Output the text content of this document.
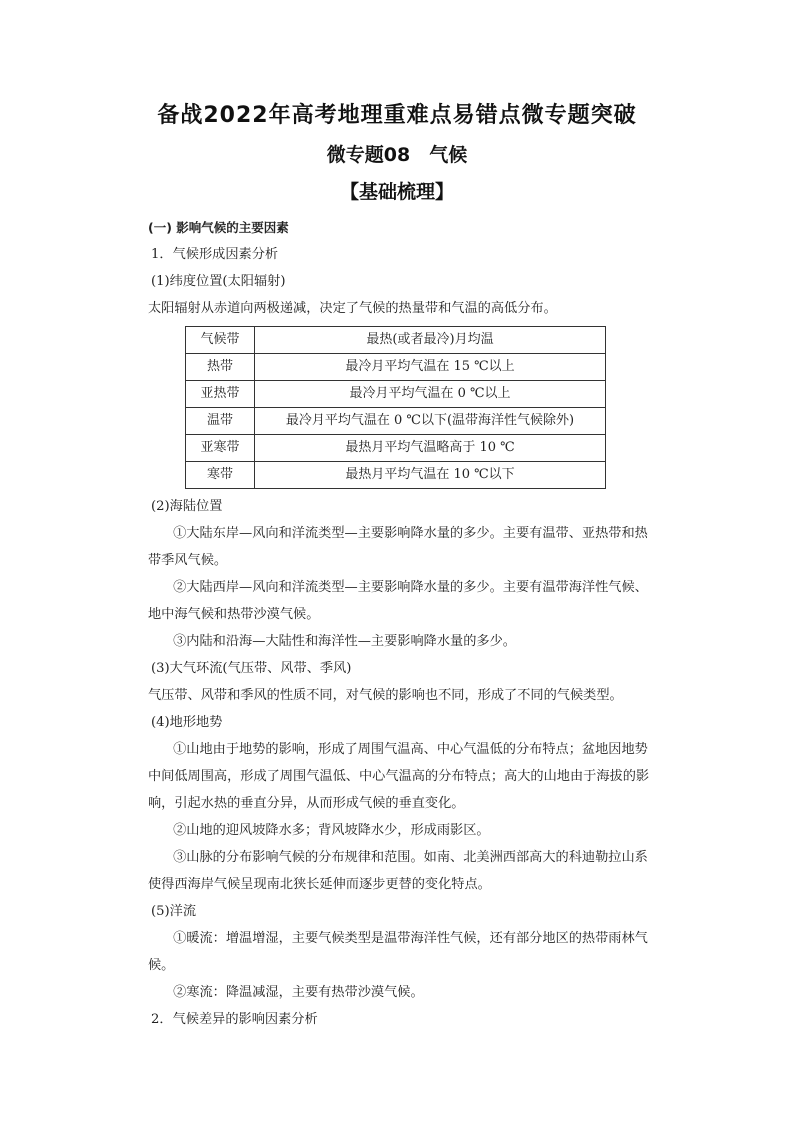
备战2022年高考地理重难点易错点微专题突破
微专题08　气候
【基础梳理】

(一) 影响气候的主要因素

1．气候形成因素分析

(1)纬度位置(太阳辐射)

太阳辐射从赤道向两极递减，决定了气候的热量带和气温的高低分布。

气候带	最热(或者最冷)月均温
热带	最冷月平均气温在 15 ℃以上
亚热带	最冷月平均气温在 0 ℃以上
温带	最冷月平均气温在 0 ℃以下(温带海洋性气候除外)
亚寒带	最热月平均气温略高于 10 ℃
寒带	最热月平均气温在 10 ℃以下

(2)海陆位置

①大陆东岸—风向和洋流类型—主要影响降水量的多少。主要有温带、亚热带和热带季风气候。

②大陆西岸—风向和洋流类型—主要影响降水量的多少。主要有温带海洋性气候、地中海气候和热带沙漠气候。

③内陆和沿海—大陆性和海洋性—主要影响降水量的多少。

(3)大气环流(气压带、风带、季风)

气压带、风带和季风的性质不同，对气候的影响也不同，形成了不同的气候类型。

(4)地形地势

①山地由于地势的影响，形成了周围气温高、中心气温低的分布特点；盆地因地势中间低周围高，形成了周围气温低、中心气温高的分布特点；高大的山地由于海拔的影响，引起水热的垂直分异，从而形成气候的垂直变化。

②山地的迎风坡降水多；背风坡降水少，形成雨影区。

③山脉的分布影响气候的分布规律和范围。如南、北美洲西部高大的科迪勒拉山系使得西海岸气候呈现南北狭长延伸而逐步更替的变化特点。

(5)洋流

①暖流：增温增湿，主要气候类型是温带海洋性气候，还有部分地区的热带雨林气候。

②寒流：降温减湿，主要有热带沙漠气候。

2．气候差异的影响因素分析
